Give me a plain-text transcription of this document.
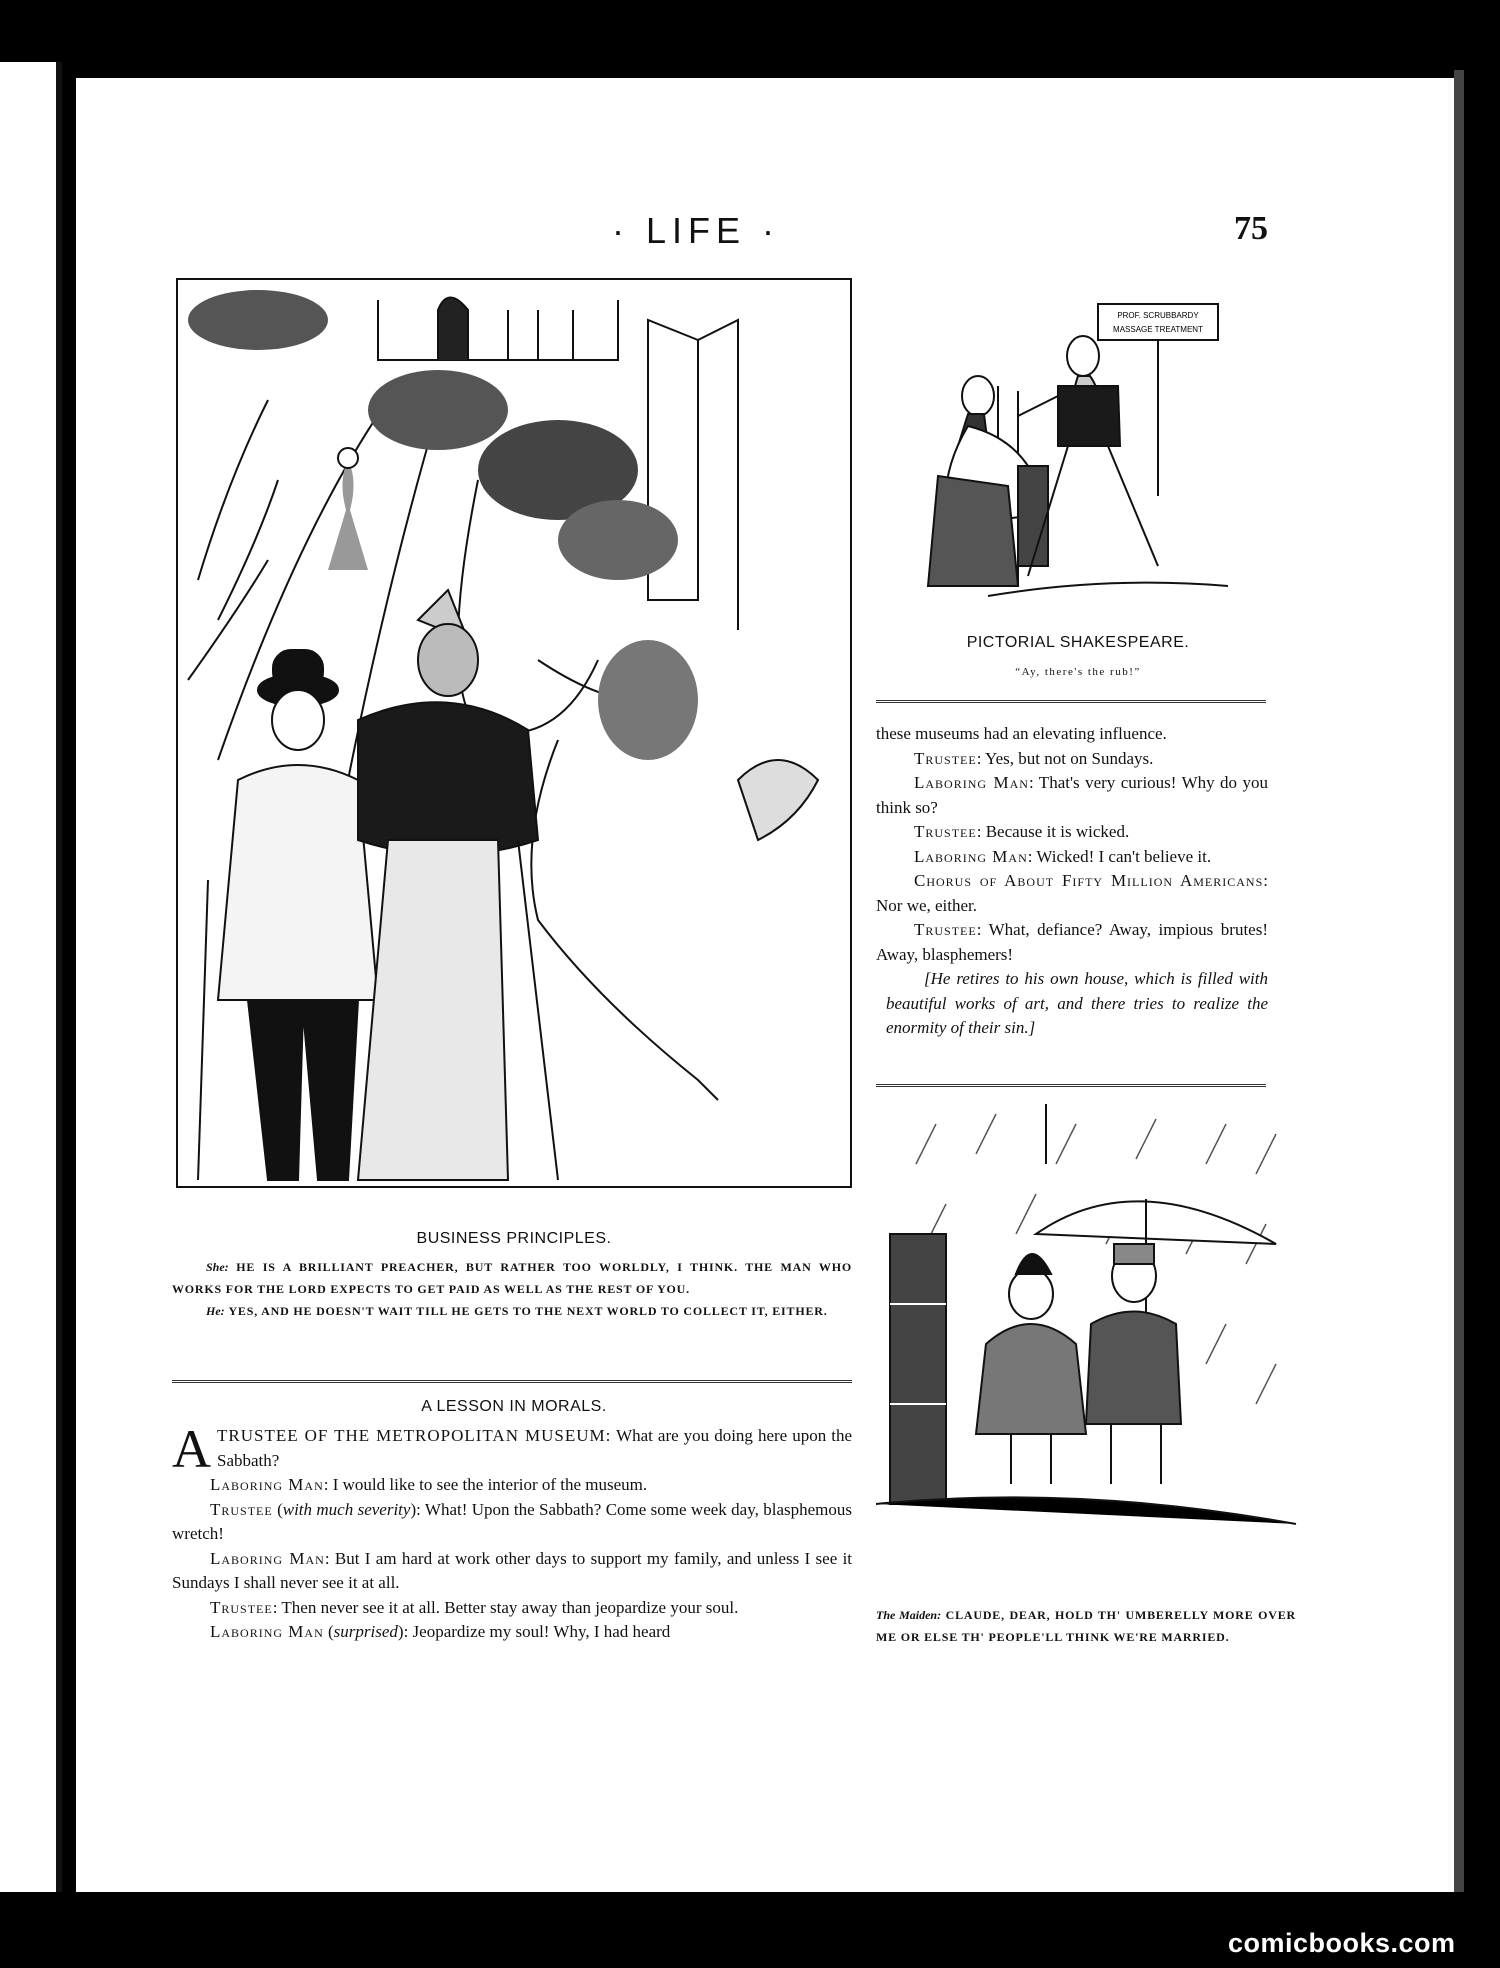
· LIFE ·	75
PROF. SCRUBBARDY
MASSAGE TREATMENT
PICTORIAL SHAKESPEARE.
“Ay, there's the rub!”
BUSINESS PRINCIPLES.
She: HE IS A BRILLIANT PREACHER, BUT RATHER TOO WORLDLY, I THINK. THE MAN WHO WORKS FOR THE LORD EXPECTS TO GET PAID AS WELL AS THE REST OF YOU.
He: YES, AND HE DOESN'T WAIT TILL HE GETS TO THE NEXT WORLD TO COLLECT IT, EITHER.
A LESSON IN MORALS.

A TRUSTEE OF THE METROPOLITAN MUSEUM: What are you doing here upon the Sabbath?

Laboring Man: I would like to see the interior of the museum.

Trustee (with much severity): What! Upon the Sabbath? Come some week day, blasphemous wretch!

Laboring Man: But I am hard at work other days to support my family, and unless I see it Sundays I shall never see it at all.

Trustee: Then never see it at all. Better stay away than jeopardize your soul.

Laboring Man (surprised): Jeopardize my soul! Why, I had heard

these museums had an elevating influence.

Trustee: Yes, but not on Sundays.

Laboring Man: That's very curious! Why do you think so?

Trustee: Because it is wicked.

Laboring Man: Wicked! I can't believe it.

Chorus of About Fifty Million Americans: Nor we, either.

Trustee: What, defiance? Away, impious brutes! Away, blasphemers!

[He retires to his own house, which is filled with beautiful works of art, and there tries to realize the enormity of their sin.]

The Maiden: CLAUDE, DEAR, HOLD TH' UMBERELLY MORE OVER ME OR ELSE TH' PEOPLE'LL THINK WE'RE MARRIED.
comicbooks.com
